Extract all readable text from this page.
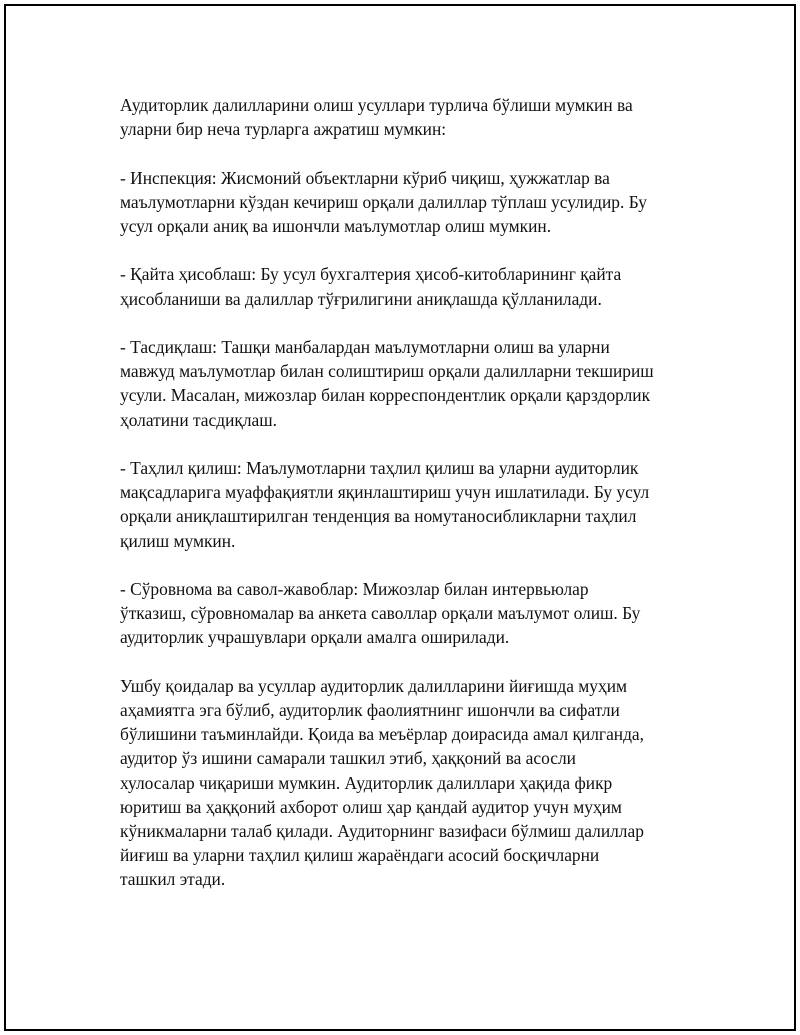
Аудиторлик далилларини олиш усуллари турлича бўлиши мумкин ва
уларни бир неча турларга ажратиш мумкин:

- Инспекция: Жисмоний объектларни кўриб чиқиш, ҳужжатлар ва
маълумотларни кўздан кечириш орқали далиллар тўплаш усулидир. Бу
усул орқали аниқ ва ишончли маълумотлар олиш мумкин.

- Қайта ҳисоблаш: Бу усул бухгалтерия ҳисоб-китобларининг қайта
ҳисобланиши ва далиллар тўғрилигини аниқлашда қўлланилади.

- Тасдиқлаш: Ташқи манбалардан маълумотларни олиш ва уларни
мавжуд маълумотлар билан солиштириш орқали далилларни текшириш
усули. Масалан, мижозлар билан корреспондентлик орқали қарздорлик
ҳолатини тасдиқлаш.

- Таҳлил қилиш: Маълумотларни таҳлил қилиш ва уларни аудиторлик
мақсадларига муаффақиятли яқинлаштириш учун ишлатилади. Бу усул
орқали аниқлаштирилган тенденция ва номутаносибликларни таҳлил
қилиш мумкин.

- Сўровнома ва савол-жавоблар: Мижозлар билан интервьюлар
ўтказиш, сўровномалар ва анкета саволлар орқали маълумот олиш. Бу
аудиторлик учрашувлари орқали амалга оширилади.

Ушбу қоидалар ва усуллар аудиторлик далилларини йиғишда муҳим
аҳамиятга эга бўлиб, аудиторлик фаолиятнинг ишончли ва сифатли
бўлишини таъминлайди. Қоида ва меъёрлар доирасида амал қилганда,
аудитор ўз ишини самарали ташкил этиб, ҳаққоний ва асосли
хулосалар чиқариши мумкин. Аудиторлик далиллари ҳақида фикр
юритиш ва ҳаққоний ахборот олиш ҳар қандай аудитор учун муҳим
кўникмаларни талаб қилади. Аудиторнинг вазифаси бўлмиш далиллар
йиғиш ва уларни таҳлил қилиш жараёндаги асосий босқичларни
ташкил этади.
